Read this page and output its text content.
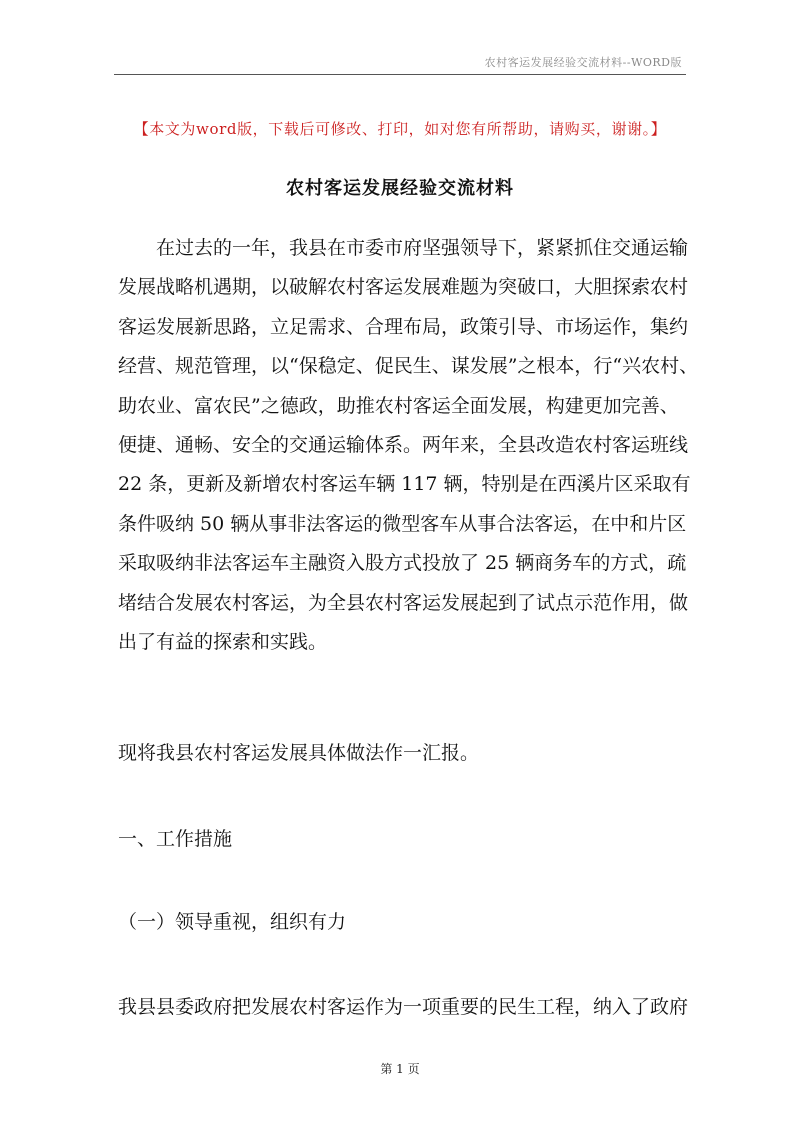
农村客运发展经验交流材料--WORD版
【本文为word版，下载后可修改、打印，如对您有所帮助，请购买，谢谢。】
农村客运发展经验交流材料
　　在过去的一年，我县在市委市府坚强领导下，紧紧抓住交通运输
发展战略机遇期，以破解农村客运发展难题为突破口，大胆探索农村
客运发展新思路，立足需求、合理布局，政策引导、市场运作，集约
经营、规范管理，以“保稳定、促民生、谋发展”之根本，行“兴农村、
助农业、富农民”之德政，助推农村客运全面发展，构建更加完善、
便捷、通畅、安全的交通运输体系。两年来，全县改造农村客运班线
22 条，更新及新增农村客运车辆 117 辆，特别是在西溪片区采取有
条件吸纳 50 辆从事非法客运的微型客车从事合法客运，在中和片区
采取吸纳非法客运车主融资入股方式投放了 25 辆商务车的方式，疏
堵结合发展农村客运，为全县农村客运发展起到了试点示范作用，做
出了有益的探索和实践。
现将我县农村客运发展具体做法作一汇报。
一、工作措施
（一）领导重视，组织有力
我县县委政府把发展农村客运作为一项重要的民生工程，纳入了政府
第 1 页
